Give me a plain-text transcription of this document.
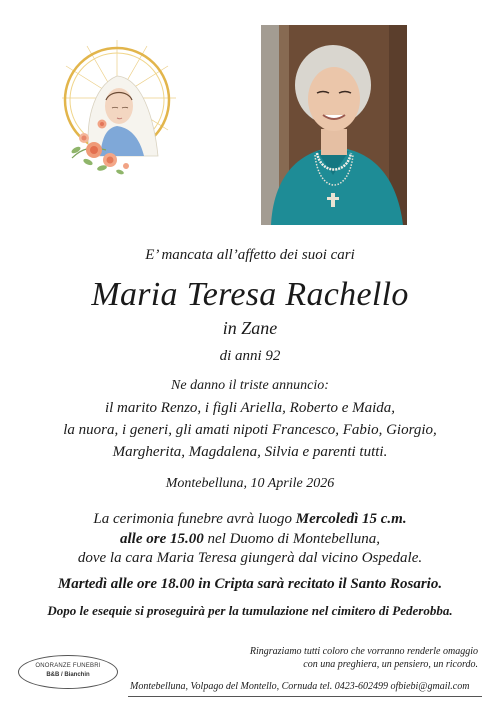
E’ mancata all’affetto dei suoi cari
Maria Teresa Rachello
in Zane
di anni 92
Ne danno il triste annuncio:
il marito Renzo, i figli Ariella, Roberto e Maida,
la nuora, i generi, gli amati nipoti Francesco, Fabio, Giorgio,
Margherita, Magdalena, Silvia e parenti tutti.
Montebelluna, 10 Aprile 2026
La cerimonia funebre avrà luogo Mercoledì 15 c.m.
alle ore 15.00 nel Duomo di Montebelluna,
dove la cara Maria Teresa giungerà dal vicino Ospedale.
Martedì alle ore 18.00 in Cripta sarà recitato il Santo Rosario.
Dopo le esequie si proseguirà per la tumulazione nel cimitero di Pederobba.
Ringraziamo tutti coloro che vorranno renderle omaggio
con una preghiera, un pensiero, un ricordo.
ONORANZE FUNEBRI
B&B / Bianchin
Montebelluna, Volpago del Montello, Cornuda tel. 0423-602499 ofbiebi@gmail.com
